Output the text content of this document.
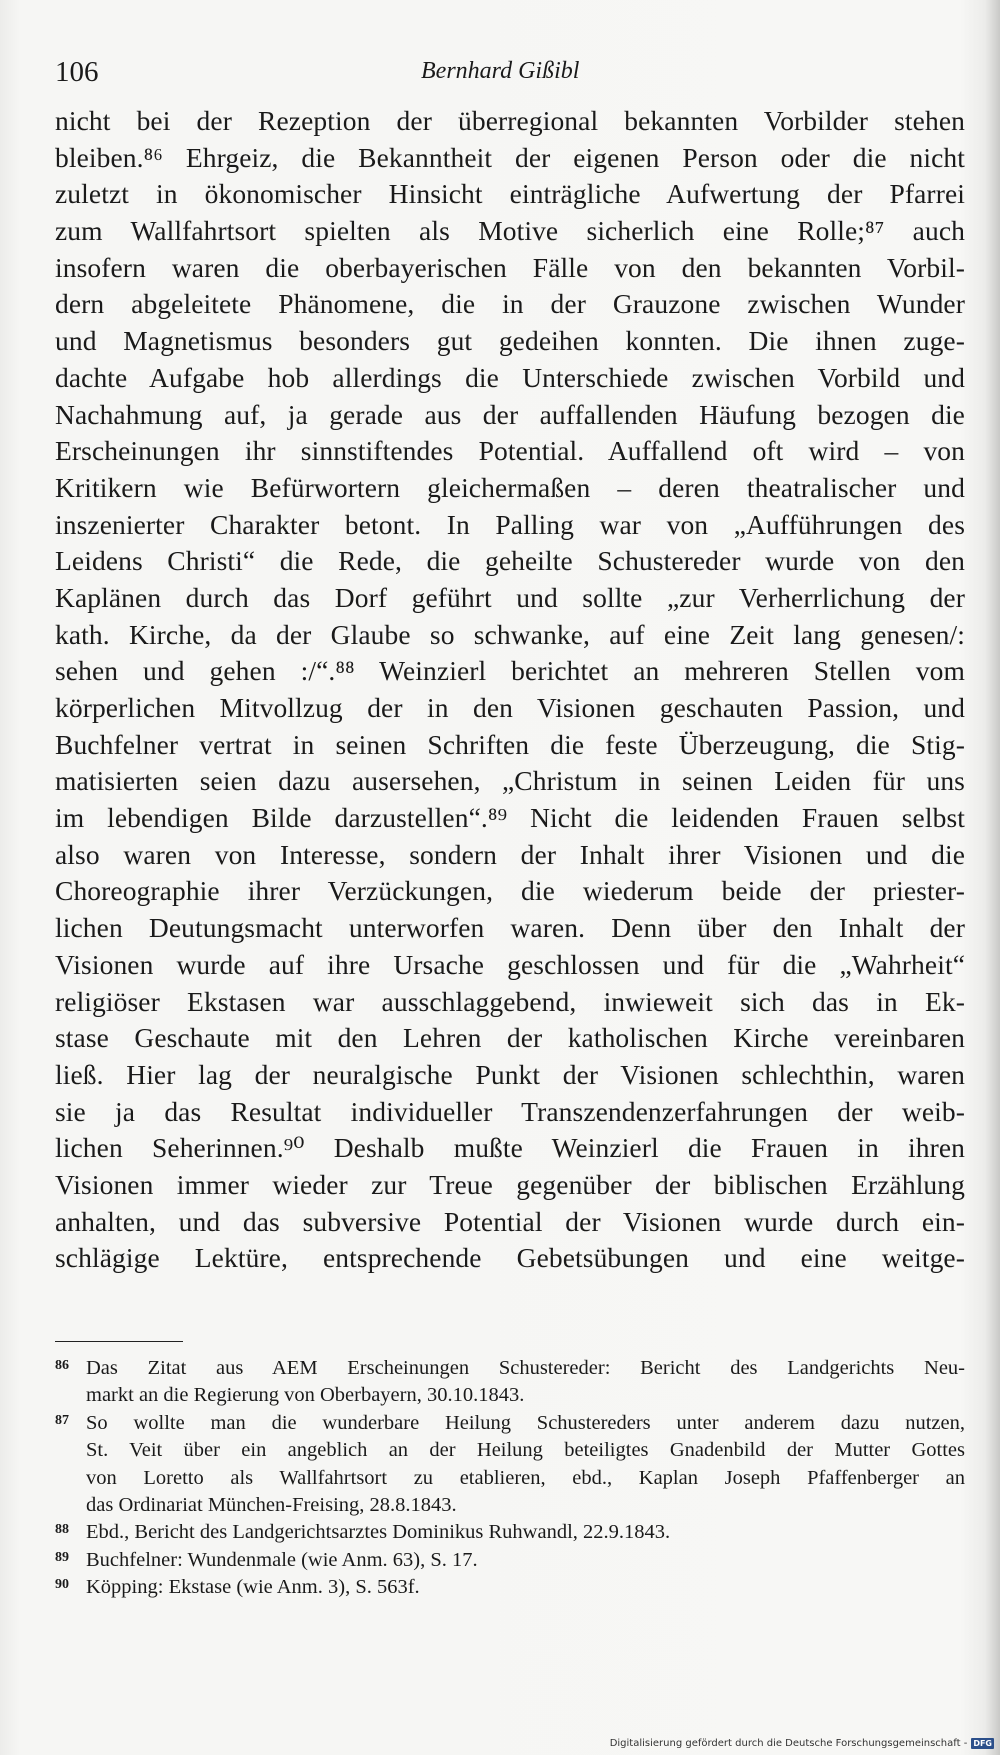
106	Bernhard Gißibl
nicht bei der Rezeption der überregional bekannten Vorbilder stehen
bleiben.⁸⁶ Ehrgeiz, die Bekanntheit der eigenen Person oder die nicht
zuletzt in ökonomischer Hinsicht einträgliche Aufwertung der Pfarrei
zum Wallfahrtsort spielten als Motive sicherlich eine Rolle;⁸⁷ auch
insofern waren die oberbayerischen Fälle von den bekannten Vorbil-
dern abgeleitete Phänomene, die in der Grauzone zwischen Wunder
und Magnetismus besonders gut gedeihen konnten. Die ihnen zuge-
dachte Aufgabe hob allerdings die Unterschiede zwischen Vorbild und
Nachahmung auf, ja gerade aus der auffallenden Häufung bezogen die
Erscheinungen ihr sinnstiftendes Potential. Auffallend oft wird – von
Kritikern wie Befürwortern gleichermaßen – deren theatralischer und
inszenierter Charakter betont. In Palling war von „Aufführungen des
Leidens Christi“ die Rede, die geheilte Schustereder wurde von den
Kaplänen durch das Dorf geführt und sollte „zur Verherrlichung der
kath. Kirche, da der Glaube so schwanke, auf eine Zeit lang genesen/:
sehen und gehen :/“.⁸⁸ Weinzierl berichtet an mehreren Stellen vom
körperlichen Mitvollzug der in den Visionen geschauten Passion, und
Buchfelner vertrat in seinen Schriften die feste Überzeugung, die Stig-
matisierten seien dazu ausersehen, „Christum in seinen Leiden für uns
im lebendigen Bilde darzustellen“.⁸⁹ Nicht die leidenden Frauen selbst
also waren von Interesse, sondern der Inhalt ihrer Visionen und die
Choreographie ihrer Verzückungen, die wiederum beide der priester-
lichen Deutungsmacht unterworfen waren. Denn über den Inhalt der
Visionen wurde auf ihre Ursache geschlossen und für die „Wahrheit“
religiöser Ekstasen war ausschlaggebend, inwieweit sich das in Ek-
stase Geschaute mit den Lehren der katholischen Kirche vereinbaren
ließ. Hier lag der neuralgische Punkt der Visionen schlechthin, waren
sie ja das Resultat individueller Transzendenzerfahrungen der weib-
lichen Seherinnen.⁹⁰ Deshalb mußte Weinzierl die Frauen in ihren
Visionen immer wieder zur Treue gegenüber der biblischen Erzählung
anhalten, und das subversive Potential der Visionen wurde durch ein-
schlägige Lektüre, entsprechende Gebetsübungen und eine weitge-
86 Das Zitat aus AEM Erscheinungen Schustereder: Bericht des Landgerichts Neu-
markt an die Regierung von Oberbayern, 30.10.1843.
87 So wollte man die wunderbare Heilung Schustereders unter anderem dazu nutzen,
St. Veit über ein angeblich an der Heilung beteiligtes Gnadenbild der Mutter Gottes
von Loretto als Wallfahrtsort zu etablieren, ebd., Kaplan Joseph Pfaffenberger an
das Ordinariat München-Freising, 28.8.1843.
88 Ebd., Bericht des Landgerichtsarztes Dominikus Ruhwandl, 22.9.1843.
89 Buchfelner: Wundenmale (wie Anm. 63), S. 17.
90 Köpping: Ekstase (wie Anm. 3), S. 563f.
Digitalisierung gefördert durch die Deutsche Forschungsgemeinschaft - DFG
